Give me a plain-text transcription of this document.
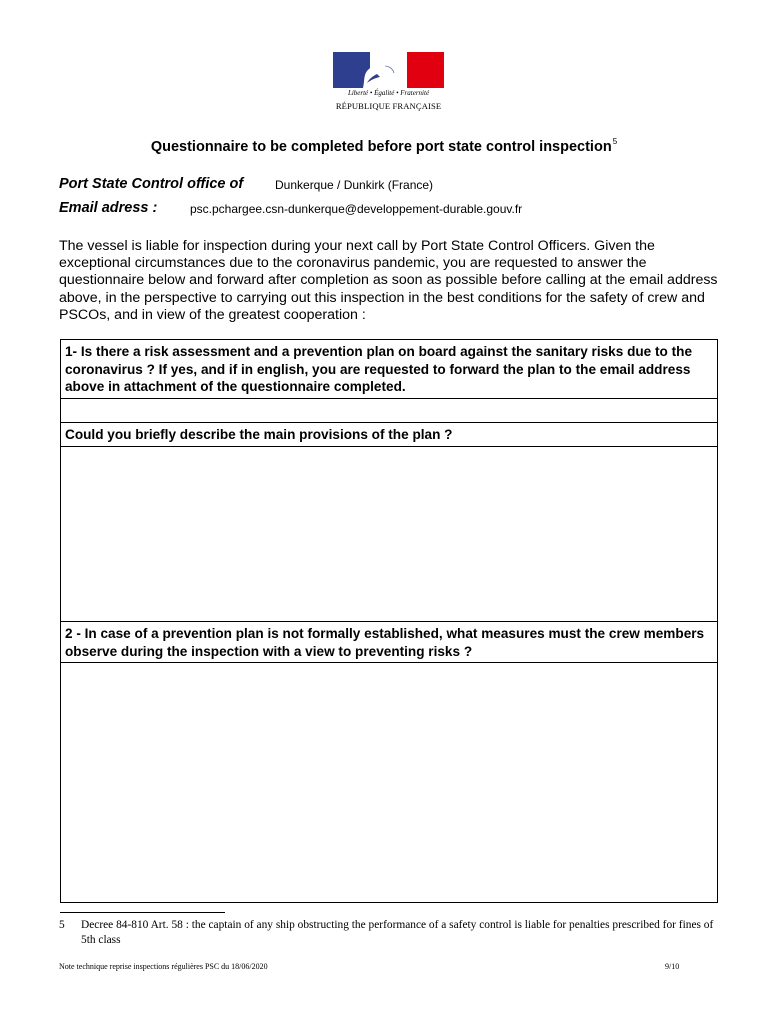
Liberté • Égalité • Fraternité
RÉPUBLIQUE FRANÇAISE
Questionnaire to be completed before port state control inspection$^5$
Port State Control office of	Dunkerque / Dunkirk (France)
Email adress :	psc.pchargee.csn-dunkerque@developpement-durable.gouv.fr
The vessel is liable for inspection during your next call by Port State Control Officers. Given the exceptional circumstances due to the coronavirus pandemic, you are requested to answer the questionnaire below and forward after completion as soon as possible before calling at the email address above, in the perspective to carrying out this inspection in the best conditions for the safety of crew and PSCOs, and in view of the greatest cooperation :
1- Is there a risk assessment and a prevention plan on board against the sanitary risks due to the coronavirus ? If yes, and if in english, you are requested to forward the plan to the email address above in attachment of the questionnaire completed.
Could you briefly describe the main provisions of the plan ?
2 - In case of a prevention plan is not formally established, what measures must the crew members observe during the inspection with a view to preventing risks ?
5 Decree 84-810 Art. 58 : the captain of any ship obstructing the performance of a safety control is liable for penalties prescribed for fines of 5th class
Note technique reprise inspections régulières PSC du 18/06/2020	9/10
